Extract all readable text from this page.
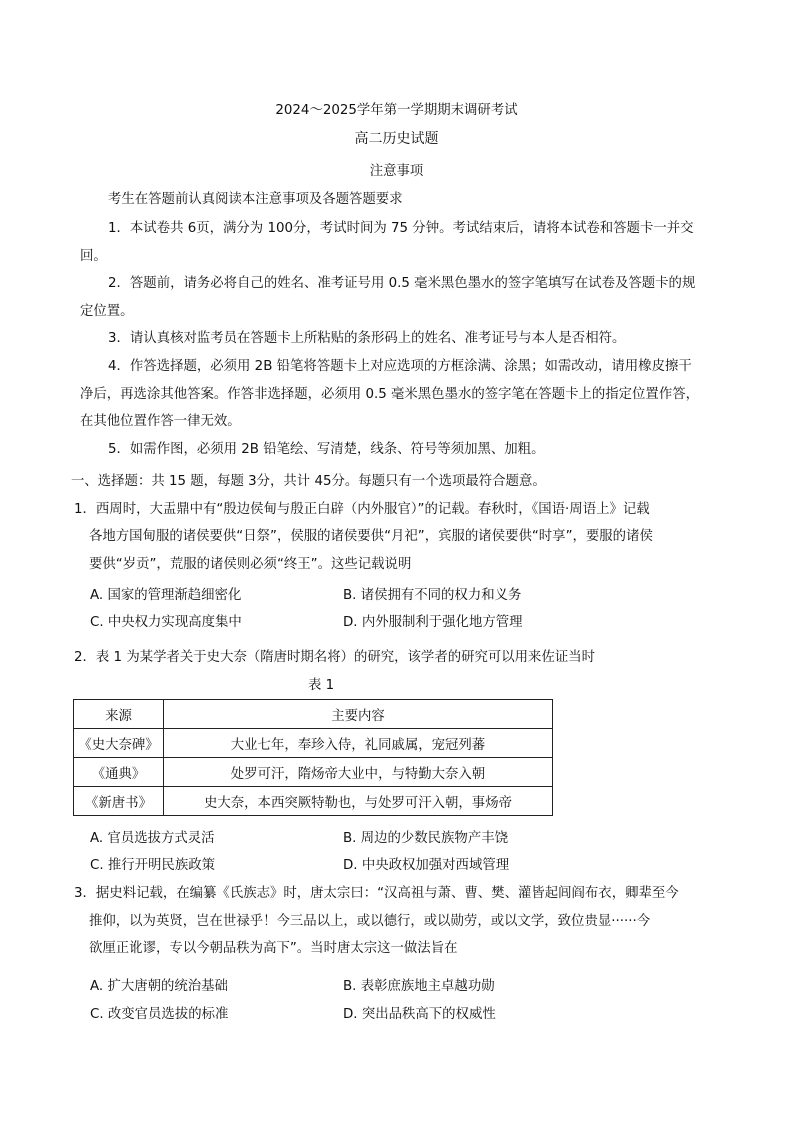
2024～2025学年第一学期期末调研考试
高二历史试题
注意事项
考生在答题前认真阅读本注意事项及各题答题要求
1．本试卷共 6页，满分为 100分，考试时间为 75 分钟。考试结束后，请将本试卷和答题卡一并交
回。
2．答题前，请务必将自己的姓名、准考证号用 0.5 毫米黑色墨水的签字笔填写在试卷及答题卡的规
定位置。
3．请认真核对监考员在答题卡上所粘贴的条形码上的姓名、准考证号与本人是否相符。
4．作答选择题，必须用 2B 铅笔将答题卡上对应选项的方框涂满、涂黑；如需改动，请用橡皮擦干
净后，再选涂其他答案。作答非选择题，必须用 0.5 毫米黑色墨水的签字笔在答题卡上的指定位置作答，
在其他位置作答一律无效。
5．如需作图，必须用 2B 铅笔绘、写清楚，线条、符号等须加黑、加粗。
一、选择题：共 15 题，每题 3分，共计 45分。每题只有一个选项最符合题意。
1．西周时，大盂鼎中有“殷边侯甸与殷正白辟（内外服官）”的记载。春秋时，《国语·周语上》记载
各地方国甸服的诸侯要供“日祭”，侯服的诸侯要供“月祀”，宾服的诸侯要供“时享”，要服的诸侯
要供“岁贡”，荒服的诸侯则必须“终王”。这些记载说明
A. 国家的管理渐趋细密化	B. 诸侯拥有不同的权力和义务
C. 中央权力实现高度集中	D. 内外服制利于强化地方管理
2．表 1 为某学者关于史大奈（隋唐时期名将）的研究，该学者的研究可以用来佐证当时
表 1
来源	主要内容
《史大奈碑》	大业七年，奉珍入侍，礼同戚属，宠冠列蕃
《通典》	处罗可汗，隋炀帝大业中，与特勤大奈入朝
《新唐书》	史大奈，本西突厥特勒也，与处罗可汗入朝，事炀帝
A. 官员选拔方式灵活	B. 周边的少数民族物产丰饶
C. 推行开明民族政策	D. 中央政权加强对西域管理
3．据史料记载，在编纂《氏族志》时，唐太宗曰：“汉高祖与萧、曹、樊、灌皆起闾阎布衣，卿辈至今
推仰，以为英贤，岂在世禄乎！今三品以上，或以德行，或以勋劳，或以文学，致位贵显······今
欲厘正讹谬，专以今朝品秩为高下”。当时唐太宗这一做法旨在
A. 扩大唐朝的统治基础	B. 表彰庶族地主卓越功勋
C. 改变官员选拔的标准	D. 突出品秩高下的权威性
